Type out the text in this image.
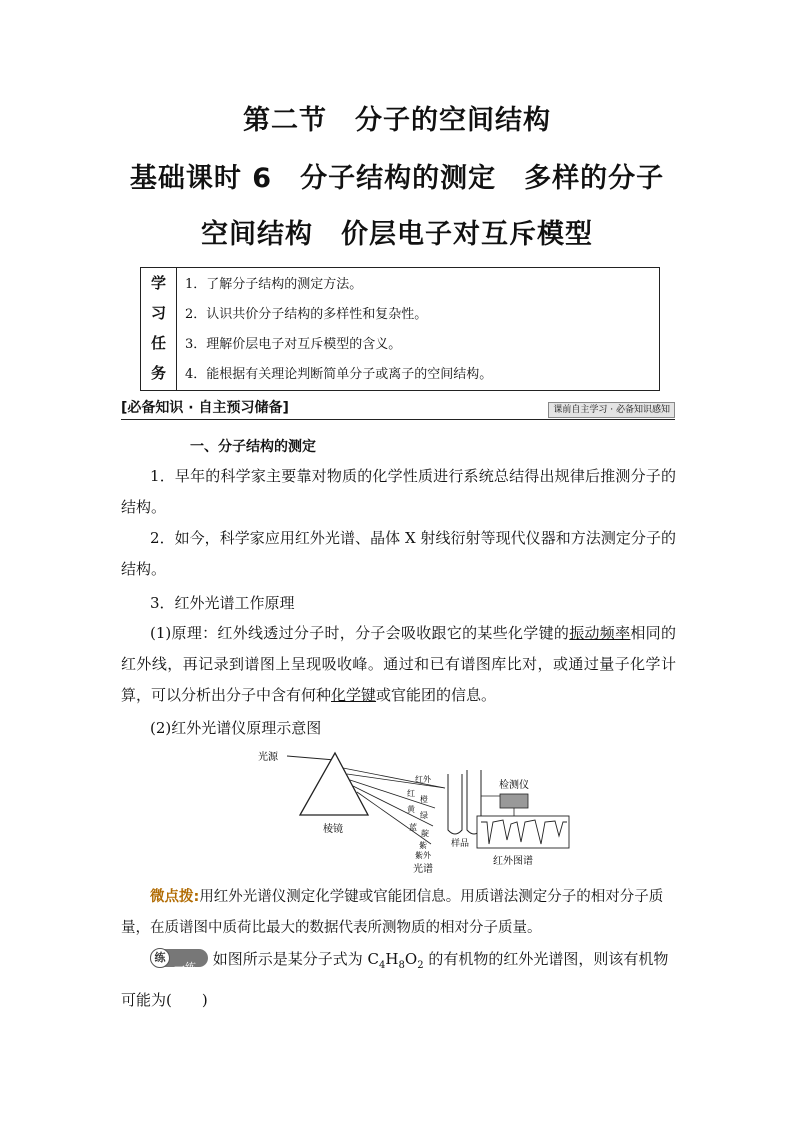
第二节　分子的空间结构
基础课时 6　分子结构的测定　多样的分子
空间结构　价层电子对互斥模型
学
习
任
务
1．了解分子结构的测定方法。
2．认识共价分子结构的多样性和复杂性。
3．理解价层电子对互斥模型的含义。
4．能根据有关理论判断简单分子或离子的空间结构。
[必备知识 · 自主预习储备]	课前自主学习 · 必备知识感知
一、分子结构的测定
1．早年的科学家主要靠对物质的化学性质进行系统总结得出规律后推测分子的结构。
2．如今，科学家应用红外光谱、晶体 X 射线衍射等现代仪器和方法测定分子的结构。
3．红外光谱工作原理
(1)原理：红外线透过分子时，分子会吸收跟它的某些化学键的振动频率相同的红外线，再记录到谱图上呈现吸收峰。通过和已有谱图库比对，或通过量子化学计算，可以分析出分子中含有何种化学键或官能团的信息。
(2)红外光谱仪原理示意图
光源
棱镜
红外
红
橙
黄
绿
蓝
靛
紫
紫外
光谱
样品
检测仪
红外图谱
微点拨:用红外光谱仪测定化学键或官能团信息。用质谱法测定分子的相对分子质量，在质谱图中质荷比最大的数据代表所测物质的相对分子质量。
练
一练 如图所示是某分子式为 $C_4H_8O_2$ 的有机物的红外光谱图，则该有机物可能为(　　)
